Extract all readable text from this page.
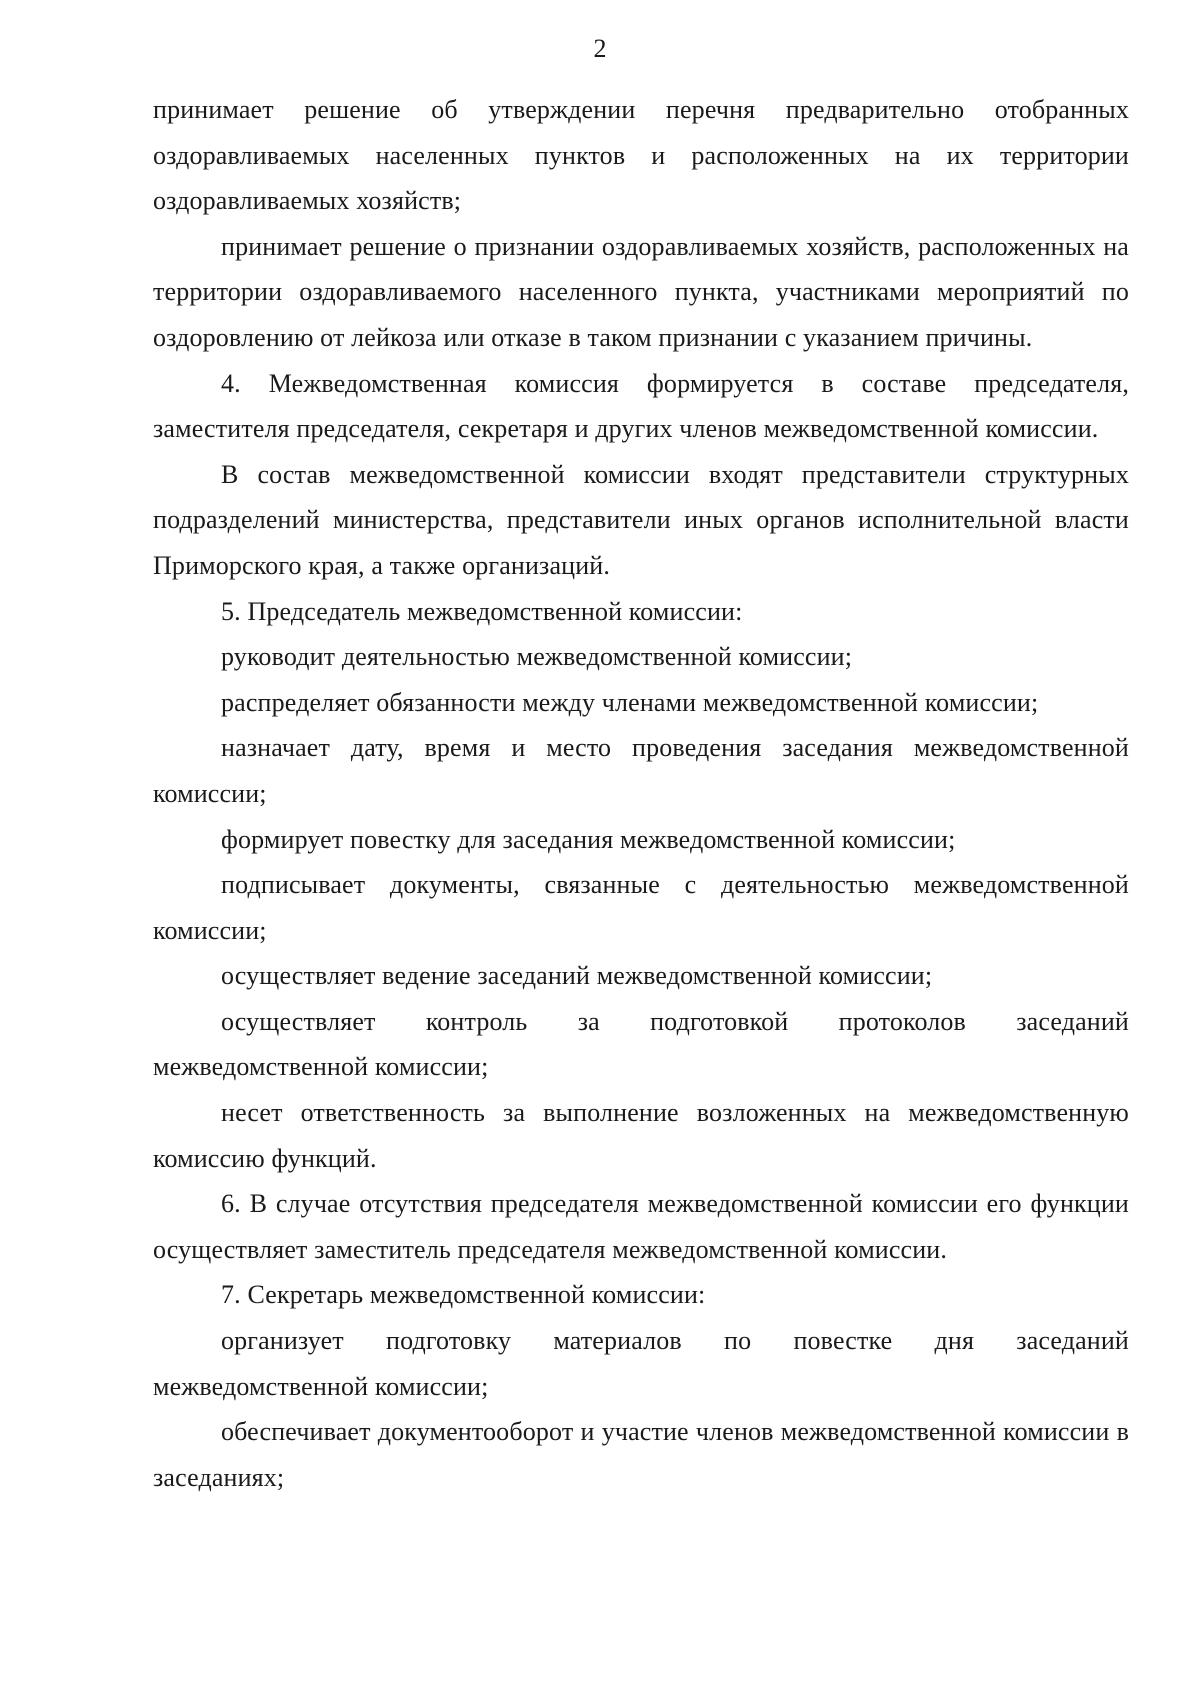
2

принимает решение об утверждении перечня предварительно отобранных оздоравливаемых населенных пунктов и расположенных на их территории оздоравливаемых хозяйств;

принимает решение о признании оздоравливаемых хозяйств, расположенных на территории оздоравливаемого населенного пункта, участниками мероприятий по оздоровлению от лейкоза или отказе в таком признании с указанием причины.

4. Межведомственная комиссия формируется в составе председателя, заместителя председателя, секретаря и других членов межведомственной комиссии.

В состав межведомственной комиссии входят представители структурных подразделений министерства, представители иных органов исполнительной власти Приморского края, а также организаций.

5. Председатель межведомственной комиссии:

руководит деятельностью межведомственной комиссии;

распределяет обязанности между членами межведомственной комиссии;

назначает дату, время и место проведения заседания межведомственной комиссии;

формирует повестку для заседания межведомственной комиссии;

подписывает документы, связанные с деятельностью межведомственной комиссии;

осуществляет ведение заседаний межведомственной комиссии;

осуществляет контроль за подготовкой протоколов заседаний межведомственной комиссии;

несет ответственность за выполнение возложенных на межведомственную комиссию функций.

6. В случае отсутствия председателя межведомственной комиссии его функции осуществляет заместитель председателя межведомственной комиссии.

7. Секретарь межведомственной комиссии:

организует подготовку материалов по повестке дня заседаний межведомственной комиссии;

обеспечивает документооборот и участие членов межведомственной комиссии в заседаниях;
